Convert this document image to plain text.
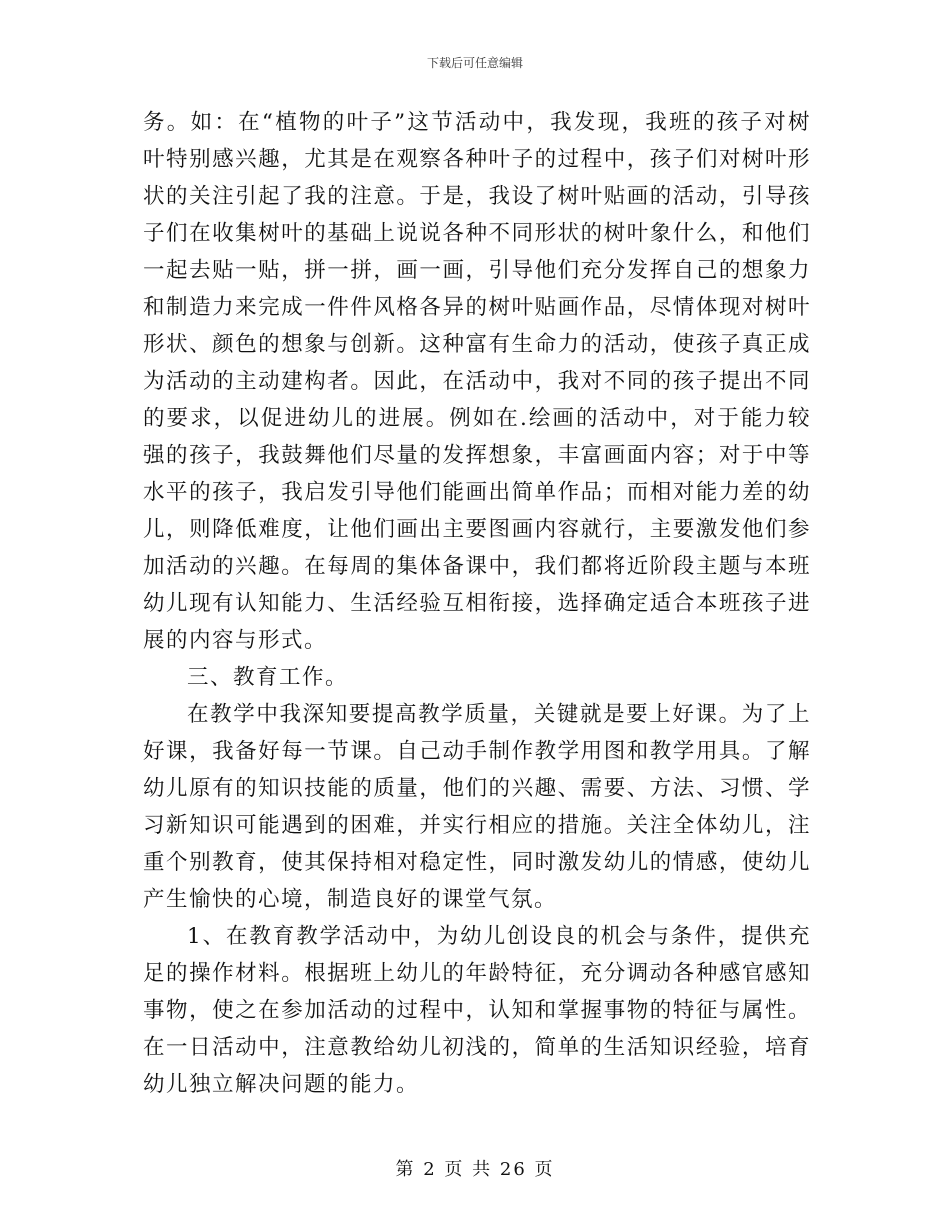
下载后可任意编辑

务。如：在“植物的叶子”这节活动中，我发现，我班的孩子对树叶特别感兴趣，尤其是在观察各种叶子的过程中，孩子们对树叶形状的关注引起了我的注意。于是，我设了树叶贴画的活动，引导孩子们在收集树叶的基础上说说各种不同形状的树叶象什么，和他们一起去贴一贴，拼一拼，画一画，引导他们充分发挥自己的想象力和制造力来完成一件件风格各异的树叶贴画作品，尽情体现对树叶形状、颜色的想象与创新。这种富有生命力的活动，使孩子真正成为活动的主动建构者。因此，在活动中，我对不同的孩子提出不同的要求，以促进幼儿的进展。例如在.绘画的活动中，对于能力较强的孩子，我鼓舞他们尽量的发挥想象，丰富画面内容；对于中等水平的孩子，我启发引导他们能画出简单作品；而相对能力差的幼儿，则降低难度，让他们画出主要图画内容就行，主要激发他们参加活动的兴趣。在每周的集体备课中，我们都将近阶段主题与本班幼儿现有认知能力、生活经验互相衔接，选择确定适合本班孩子进展的内容与形式。

三、教育工作。

在教学中我深知要提高教学质量，关键就是要上好课。为了上好课，我备好每一节课。自己动手制作教学用图和教学用具。了解幼儿原有的知识技能的质量，他们的兴趣、需要、方法、习惯、学习新知识可能遇到的困难，并实行相应的措施。关注全体幼儿，注重个别教育，使其保持相对稳定性，同时激发幼儿的情感，使幼儿产生愉快的心境，制造良好的课堂气氛。

1、在教育教学活动中，为幼儿创设良的机会与条件，提供充足的操作材料。根据班上幼儿的年龄特征，充分调动各种感官感知事物，使之在参加活动的过程中，认知和掌握事物的特征与属性。在一日活动中，注意教给幼儿初浅的，简单的生活知识经验，培育幼儿独立解决问题的能力。

第 2 页 共 26 页
